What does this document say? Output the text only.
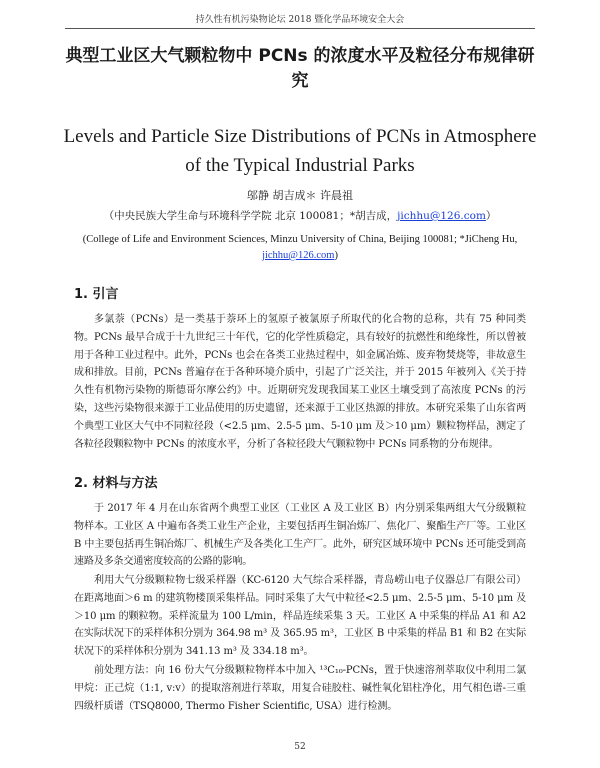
持久性有机污染物论坛 2018 暨化学品环境安全大会
典型工业区大气颗粒物中 PCNs 的浓度水平及粒径分布规律研究
Levels and Particle Size Distributions of PCNs in Atmosphere of the Typical Industrial Parks
邬静 胡吉成＊ 许晨祖
（中央民族大学生命与环境科学学院 北京 100081；*胡吉成，jichhu@126.com）
(College of Life and Environment Sciences, Minzu University of China, Beijing 100081; *JiCheng Hu,
jichhu@126.com)
1. 引言
多氯萘（PCNs）是一类基于萘环上的氢原子被氯原子所取代的化合物的总称，共有 75 种同类物。PCNs 最早合成于十九世纪三十年代，它的化学性质稳定，具有较好的抗燃性和绝缘性，所以曾被用于各种工业过程中。此外，PCNs 也会在各类工业热过程中，如金属冶炼、废弃物焚烧等，非故意生成和排放。目前，PCNs 普遍存在于各种环境介质中，引起了广泛关注，并于 2015 年被列入《关于持久性有机物污染物的斯德哥尔摩公约》中。近期研究发现我国某工业区土壤受到了高浓度 PCNs 的污染，这些污染物很来源于工业品使用的历史遗留，还来源于工业区热源的排放。本研究采集了山东省两个典型工业区大气中不同粒径段（<2.5 μm、2.5-5 μm、5-10 μm 及＞10 μm）颗粒物样品，测定了各粒径段颗粒物中 PCNs 的浓度水平，分析了各粒径段大气颗粒物中 PCNs 同系物的分布规律。
2. 材料与方法
于 2017 年 4 月在山东省两个典型工业区（工业区 A 及工业区 B）内分别采集两组大气分级颗粒物样本。工业区 A 中遍布各类工业生产企业，主要包括再生铜冶炼厂、焦化厂、聚酯生产厂等。工业区 B 中主要包括再生铜冶炼厂、机械生产及各类化工生产厂。此外，研究区域环境中 PCNs 还可能受到高速路及多条交通密度较高的公路的影响。
利用大气分级颗粒物七级采样器（KC-6120 大气综合采样器，青岛崂山电子仪器总厂有限公司）在距离地面＞6 m 的建筑物楼顶采集样品。同时采集了大气中粒径<2.5 μm、2.5-5 μm、5-10 μm 及＞10 μm 的颗粒物。采样流量为 100 L/min，样品连续采集 3 天。工业区 A 中采集的样品 A1 和 A2 在实际状况下的采样体积分别为 364.98 m³ 及 365.95 m³，工业区 B 中采集的样品 B1 和 B2 在实际状况下的采样体积分别为 341.13 m³ 及 334.18 m³。
前处理方法：向 16 份大气分级颗粒物样本中加入 ¹³C₁₀-PCNs，置于快速溶剂萃取仪中利用二氯甲烷：正己烷（1:1, v:v）的提取溶剂进行萃取，用复合硅胶柱、碱性氧化铝柱净化，用气相色谱-三重四级杆质谱（TSQ8000, Thermo Fisher Scientific, USA）进行检测。
52
